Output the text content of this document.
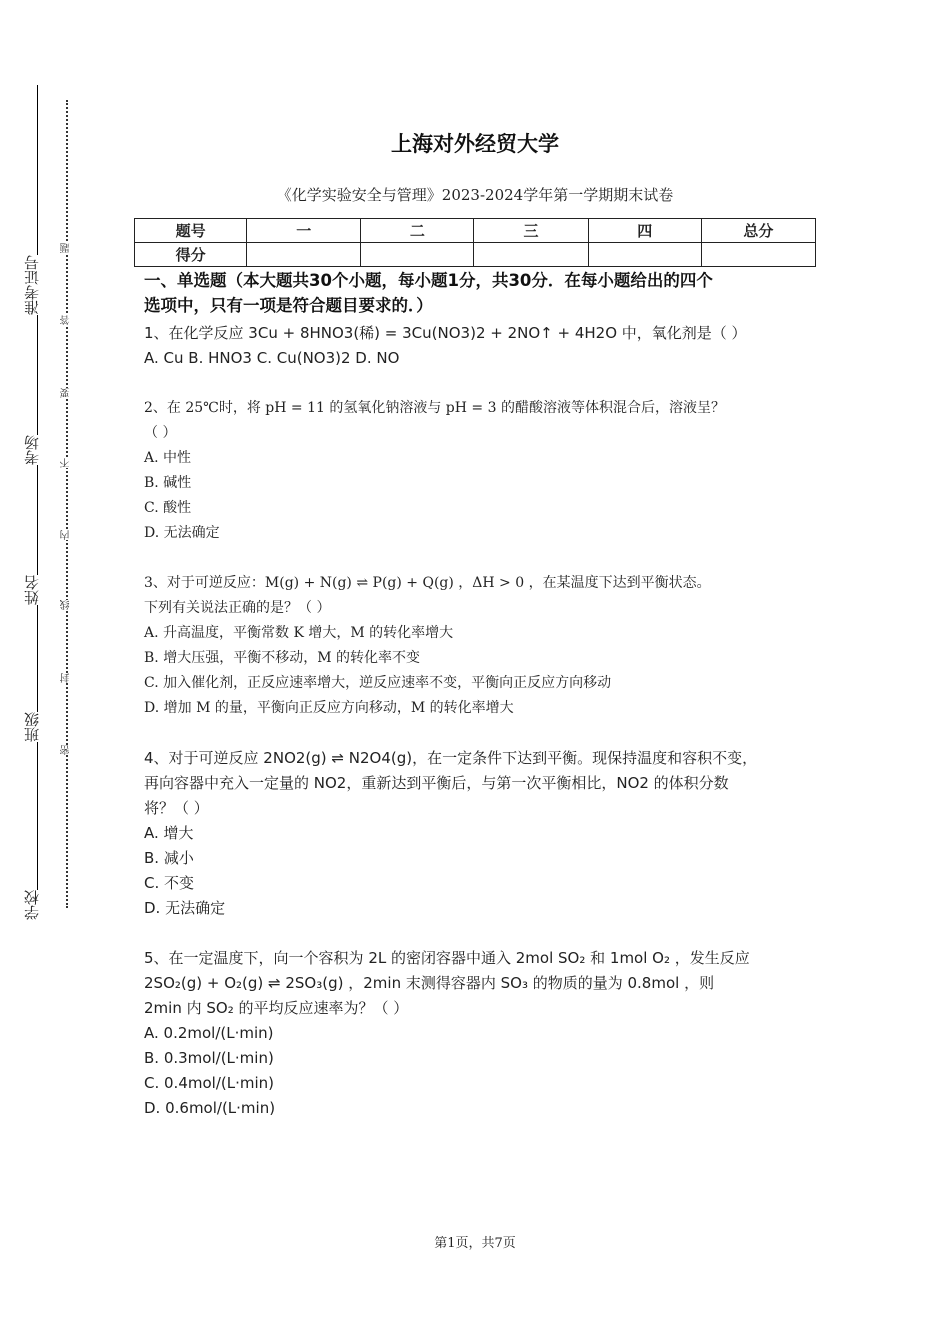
准考证号
考场
姓名
班级
学校
题
答
要
不
内
线
封
密
上海对外经贸大学
《化学实验安全与管理》2023-2024学年第一学期期末试卷
题号	一	二	三	四	总分
得分					
一、单选题（本大题共30个小题，每小题1分，共30分．在每小题给出的四个
选项中，只有一项是符合题目要求的．）
1、在化学反应 3Cu + 8HNO3(稀) = 3Cu(NO3)2 + 2NO↑ + 4H2O 中，氧化剂是（ ）
A. Cu B. HNO3 C. Cu(NO3)2 D. NO
2、在 25℃时，将 pH = 11 的氢氧化钠溶液与 pH = 3 的醋酸溶液等体积混合后，溶液呈？
（ ）
A. 中性
B. 碱性
C. 酸性
D. 无法确定
3、对于可逆反应：M(g) + N(g) ⇌ P(g) + Q(g) ，ΔH > 0 ，在某温度下达到平衡状态。
下列有关说法正确的是？（ ）
A. 升高温度，平衡常数 K 增大，M 的转化率增大
B. 增大压强，平衡不移动，M 的转化率不变
C. 加入催化剂，正反应速率增大，逆反应速率不变，平衡向正反应方向移动
D. 增加 M 的量，平衡向正反应方向移动，M 的转化率增大
4、对于可逆反应 2NO2(g) ⇌ N2O4(g)，在一定条件下达到平衡。现保持温度和容积不变，
再向容器中充入一定量的 NO2，重新达到平衡后，与第一次平衡相比，NO2 的体积分数
将？（ ）
A. 增大
B. 减小
C. 不变
D. 无法确定
5、在一定温度下，向一个容积为 2L 的密闭容器中通入 2mol SO₂ 和 1mol O₂ ，发生反应
2SO₂(g) + O₂(g) ⇌ 2SO₃(g) ，2min 末测得容器内 SO₃ 的物质的量为 0.8mol ，则
2min 内 SO₂ 的平均反应速率为？（ ）
A. 0.2mol/(L·min)
B. 0.3mol/(L·min)
C. 0.4mol/(L·min)
D. 0.6mol/(L·min)
第1页，共7页
